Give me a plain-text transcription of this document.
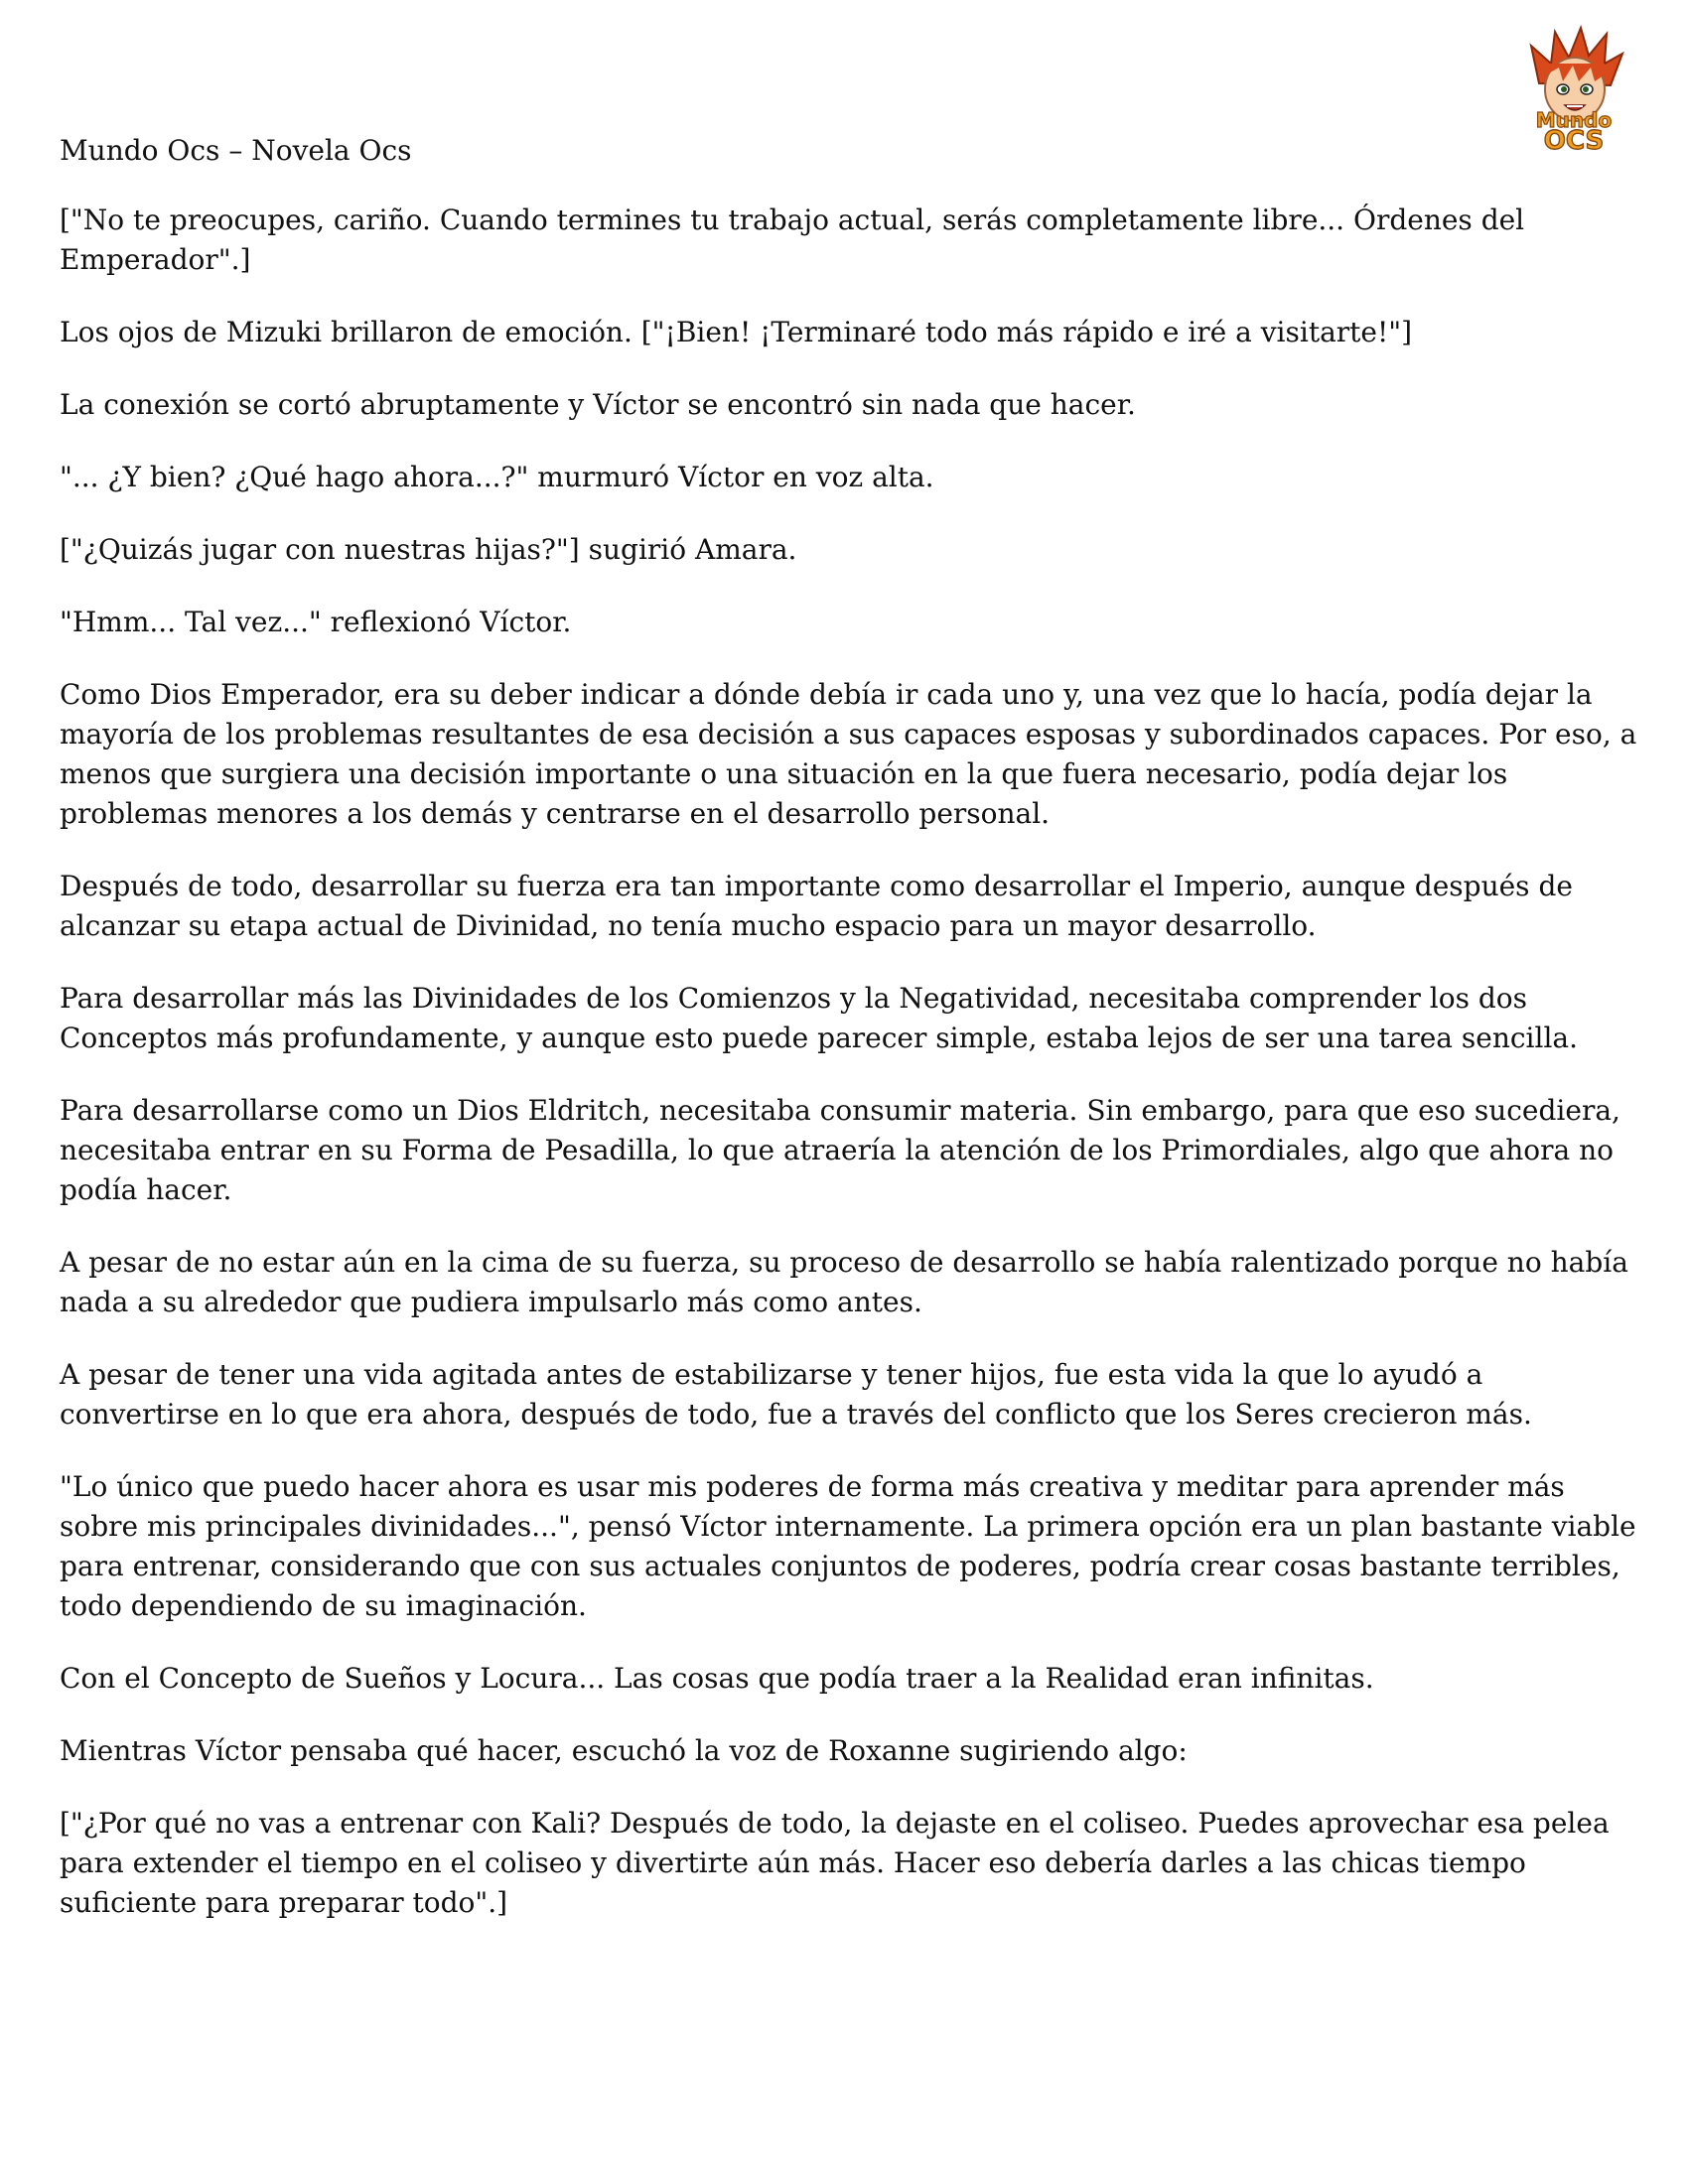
Mundo
OCS

Mundo Ocs – Novela Ocs

["No te preocupes, cariño. Cuando termines tu trabajo actual, serás completamente libre... Órdenes del Emperador".]

Los ojos de Mizuki brillaron de emoción. ["¡Bien! ¡Terminaré todo más rápido e iré a visitarte!"]

La conexión se cortó abruptamente y Víctor se encontró sin nada que hacer.

"... ¿Y bien? ¿Qué hago ahora...?" murmuró Víctor en voz alta.

["¿Quizás jugar con nuestras hijas?"] sugirió Amara.

"Hmm... Tal vez..." reflexionó Víctor.

Como Dios Emperador, era su deber indicar a dónde debía ir cada uno y, una vez que lo hacía, podía dejar la mayoría de los problemas resultantes de esa decisión a sus capaces esposas y subordinados capaces. Por eso, a menos que surgiera una decisión importante o una situación en la que fuera necesario, podía dejar los problemas menores a los demás y centrarse en el desarrollo personal.

Después de todo, desarrollar su fuerza era tan importante como desarrollar el Imperio, aunque después de alcanzar su etapa actual de Divinidad, no tenía mucho espacio para un mayor desarrollo.

Para desarrollar más las Divinidades de los Comienzos y la Negatividad, necesitaba comprender los dos Conceptos más profundamente, y aunque esto puede parecer simple, estaba lejos de ser una tarea sencilla.

Para desarrollarse como un Dios Eldritch, necesitaba consumir materia. Sin embargo, para que eso sucediera, necesitaba entrar en su Forma de Pesadilla, lo que atraería la atención de los Primordiales, algo que ahora no podía hacer.

A pesar de no estar aún en la cima de su fuerza, su proceso de desarrollo se había ralentizado porque no había nada a su alrededor que pudiera impulsarlo más como antes.

A pesar de tener una vida agitada antes de estabilizarse y tener hijos, fue esta vida la que lo ayudó a convertirse en lo que era ahora, después de todo, fue a través del conflicto que los Seres crecieron más.

"Lo único que puedo hacer ahora es usar mis poderes de forma más creativa y meditar para aprender más sobre mis principales divinidades...", pensó Víctor internamente. La primera opción era un plan bastante viable para entrenar, considerando que con sus actuales conjuntos de poderes, podría crear cosas bastante terribles, todo dependiendo de su imaginación.

Con el Concepto de Sueños y Locura... Las cosas que podía traer a la Realidad eran infinitas.

Mientras Víctor pensaba qué hacer, escuchó la voz de Roxanne sugiriendo algo:

["¿Por qué no vas a entrenar con Kali? Después de todo, la dejaste en el coliseo. Puedes aprovechar esa pelea para extender el tiempo en el coliseo y divertirte aún más. Hacer eso debería darles a las chicas tiempo suficiente para preparar todo".]
